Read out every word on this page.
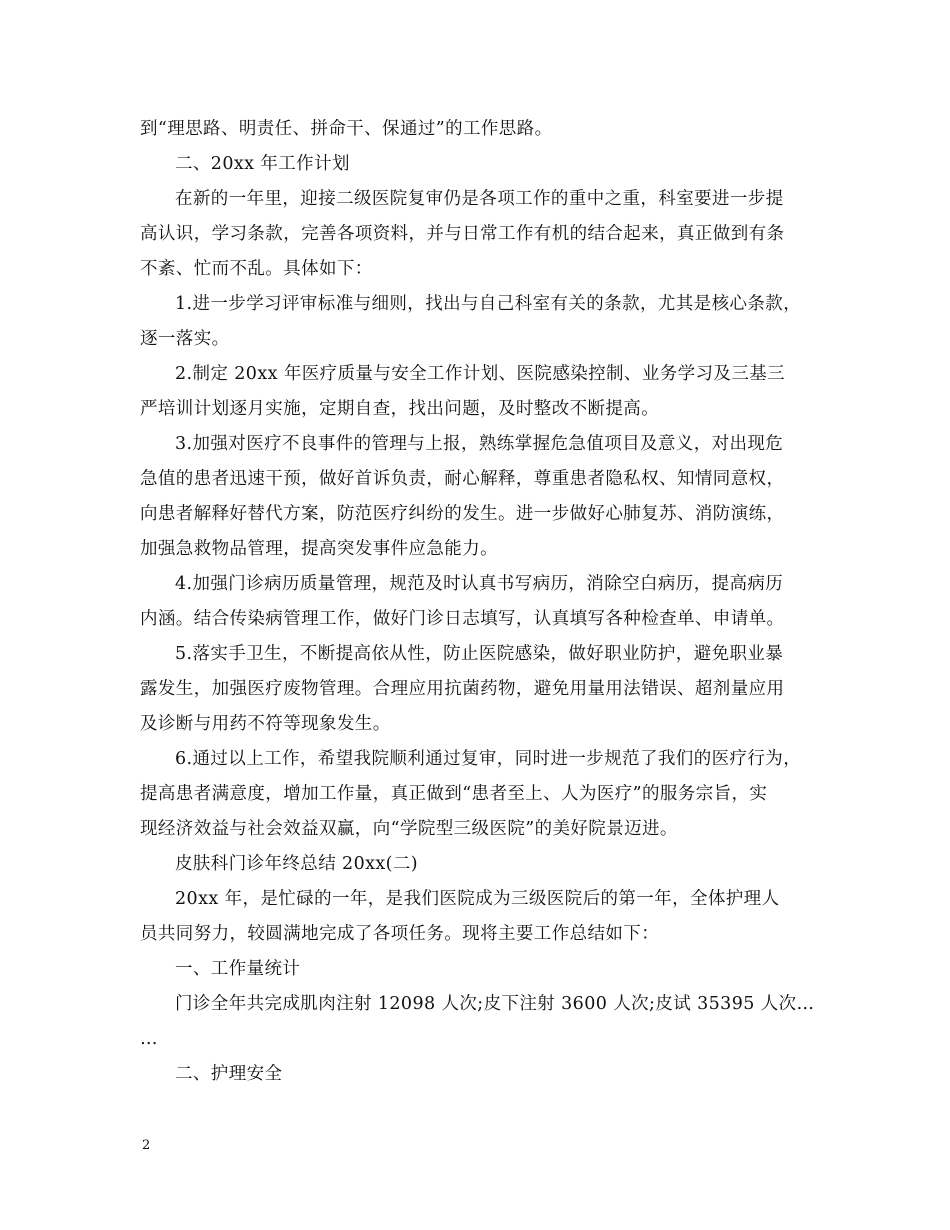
到“理思路、明责任、拼命干、保通过”的工作思路。
二、20xx 年工作计划
在新的一年里，迎接二级医院复审仍是各项工作的重中之重，科室要进一步提
高认识，学习条款，完善各项资料，并与日常工作有机的结合起来，真正做到有条
不紊、忙而不乱。具体如下：
1.进一步学习评审标准与细则，找出与自己科室有关的条款，尤其是核心条款，
逐一落实。
2.制定 20xx 年医疗质量与安全工作计划、医院感染控制、业务学习及三基三
严培训计划逐月实施，定期自查，找出问题，及时整改不断提高。
3.加强对医疗不良事件的管理与上报，熟练掌握危急值项目及意义，对出现危
急值的患者迅速干预，做好首诉负责，耐心解释，尊重患者隐私权、知情同意权，
向患者解释好替代方案，防范医疗纠纷的发生。进一步做好心肺复苏、消防演练，
加强急救物品管理，提高突发事件应急能力。
4.加强门诊病历质量管理，规范及时认真书写病历，消除空白病历，提高病历
内涵。结合传染病管理工作，做好门诊日志填写，认真填写各种检查单、申请单。
5.落实手卫生，不断提高依从性，防止医院感染，做好职业防护，避免职业暴
露发生，加强医疗废物管理。合理应用抗菌药物，避免用量用法错误、超剂量应用
及诊断与用药不符等现象发生。
6.通过以上工作，希望我院顺利通过复审，同时进一步规范了我们的医疗行为，
提高患者满意度，增加工作量，真正做到“患者至上、人为医疗”的服务宗旨，实
现经济效益与社会效益双赢，向“学院型三级医院”的美好院景迈进。
皮肤科门诊年终总结 20xx(二)
20xx 年，是忙碌的一年，是我们医院成为三级医院后的第一年，全体护理人
员共同努力，较圆满地完成了各项任务。现将主要工作总结如下：
一、工作量统计
门诊全年共完成肌肉注射 12098 人次;皮下注射 3600 人次;皮试 35395 人次…
…
二、护理安全
2
